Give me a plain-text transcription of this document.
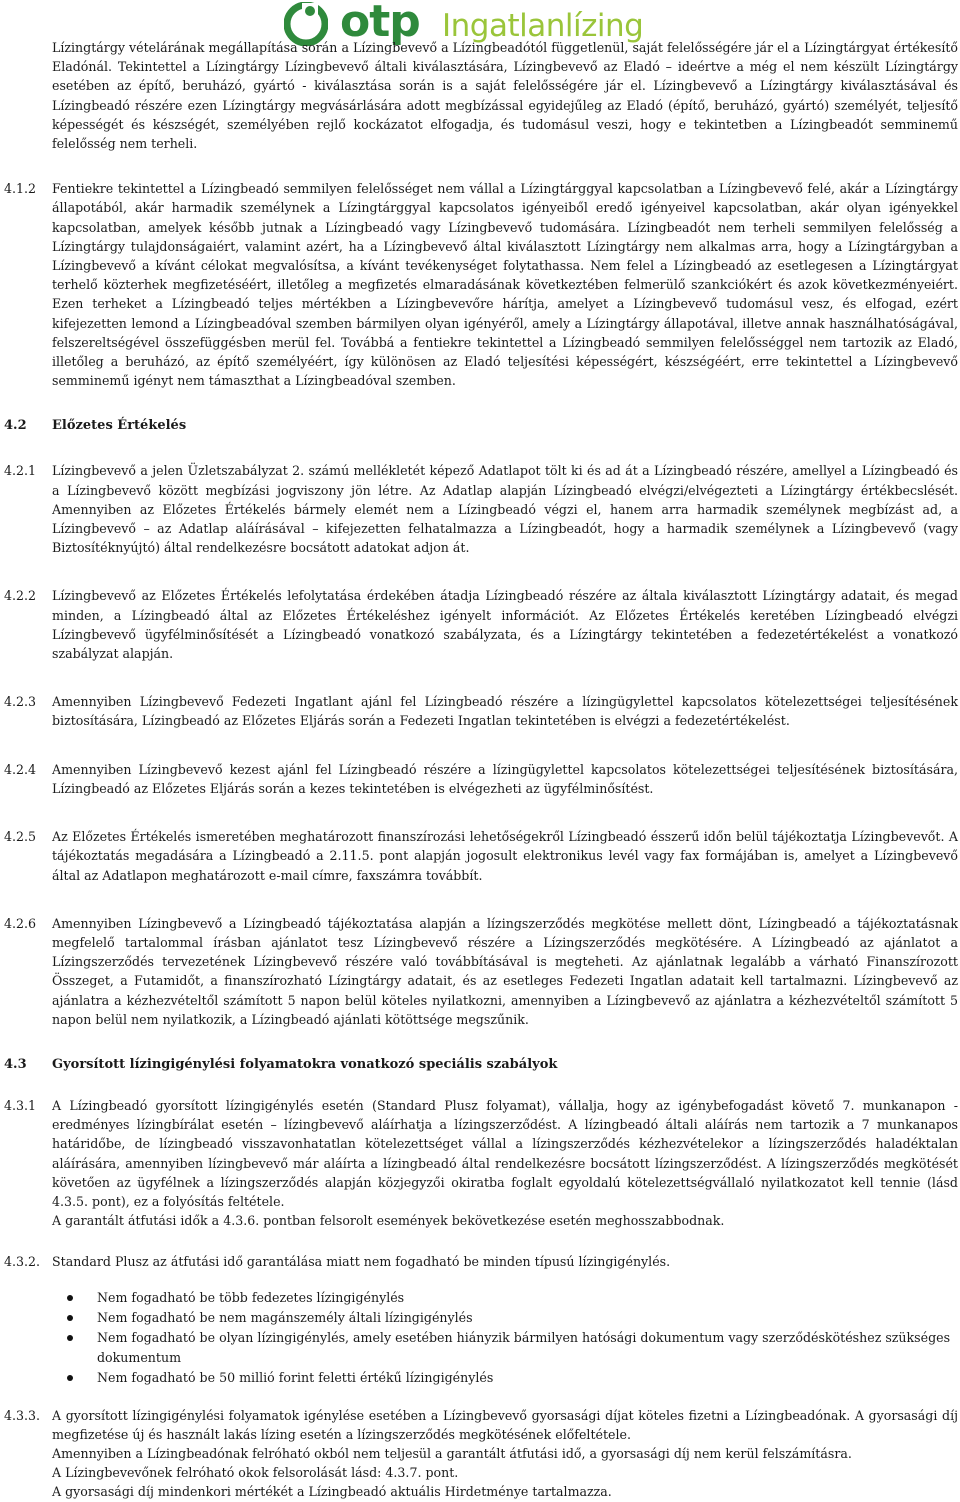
otp Ingatlanlízing

Lízingtárgy vételárának megállapítása során a Lízingbevevő a Lízingbeadótól függetlenül, saját felelősségére jár el a Lízingtárgyat értékesítő Eladónál. Tekintettel a Lízingtárgy Lízingbevevő általi kiválasztására, Lízingbevevő az Eladó – ideértve a még el nem készült Lízingtárgy esetében az építő, beruházó, gyártó - kiválasztása során is a saját felelősségére jár el. Lízingbevevő a Lízingtárgy kiválasztásával és Lízingbeadó részére ezen Lízingtárgy megvásárlására adott megbízással egyidejűleg az Eladó (építő, beruházó, gyártó) személyét, teljesítő képességét és készségét, személyében rejlő kockázatot elfogadja, és tudomásul veszi, hogy e tekintetben a Lízingbeadót semminemű felelősség nem terheli.

4.1.2 Fentiekre tekintettel a Lízingbeadó semmilyen felelősséget nem vállal a Lízingtárggyal kapcsolatban a Lízingbevevő felé, akár a Lízingtárgy állapotából, akár harmadik személynek a Lízingtárggyal kapcsolatos igényeiből eredő igényeivel kapcsolatban, akár olyan igényekkel kapcsolatban, amelyek később jutnak a Lízingbeadó vagy Lízingbevevő tudomására. Lízingbeadót nem terheli semmilyen felelősség a Lízingtárgy tulajdonságaiért, valamint azért, ha a Lízingbevevő által kiválasztott Lízingtárgy nem alkalmas arra, hogy a Lízingtárgyban a Lízingbevevő a kívánt célokat megvalósítsa, a kívánt tevékenységet folytathassa. Nem felel a Lízingbeadó az esetlegesen a Lízingtárgyat terhelő közterhek megfizetéséért, illetőleg a megfizetés elmaradásának következtében felmerülő szankciókért és azok következményeiért. Ezen terheket a Lízingbeadó teljes mértékben a Lízingbevevőre hárítja, amelyet a Lízingbevevő tudomásul vesz, és elfogad, ezért kifejezetten lemond a Lízingbeadóval szemben bármilyen olyan igényéről, amely a Lízingtárgy állapotával, illetve annak használhatóságával, felszereltségével összefüggésben merül fel. Továbbá a fentiekre tekintettel a Lízingbeadó semmilyen felelősséggel nem tartozik az Eladó, illetőleg a beruházó, az építő személyéért, így különösen az Eladó teljesítési képességért, készségéért, erre tekintettel a Lízingbevevő semminemű igényt nem támaszthat a Lízingbeadóval szemben.

4.2 Előzetes Értékelés

4.2.1 Lízingbevevő a jelen Üzletszabályzat 2. számú mellékletét képező Adatlapot tölt ki és ad át a Lízingbeadó részére, amellyel a Lízingbeadó és a Lízingbevevő között megbízási jogviszony jön létre. Az Adatlap alapján Lízingbeadó elvégzi/elvégezteti a Lízingtárgy értékbecslését. Amennyiben az Előzetes Értékelés bármely elemét nem a Lízingbeadó végzi el, hanem arra harmadik személynek megbízást ad, a Lízingbevevő – az Adatlap aláírásával – kifejezetten felhatalmazza a Lízingbeadót, hogy a harmadik személynek a Lízingbevevő (vagy Biztosítéknyújtó) által rendelkezésre bocsátott adatokat adjon át.

4.2.2 Lízingbevevő az Előzetes Értékelés lefolytatása érdekében átadja Lízingbeadó részére az általa kiválasztott Lízingtárgy adatait, és megad minden, a Lízingbeadó által az Előzetes Értékeléshez igényelt információt. Az Előzetes Értékelés keretében Lízingbeadó elvégzi Lízingbevevő ügyfélminősítését a Lízingbeadó vonatkozó szabályzata, és a Lízingtárgy tekintetében a fedezetértékelést a vonatkozó szabályzat alapján.

4.2.3 Amennyiben Lízingbevevő Fedezeti Ingatlant ajánl fel Lízingbeadó részére a lízingügylettel kapcsolatos kötelezettségei teljesítésének biztosítására, Lízingbeadó az Előzetes Eljárás során a Fedezeti Ingatlan tekintetében is elvégzi a fedezetértékelést.

4.2.4 Amennyiben Lízingbevevő kezest ajánl fel Lízingbeadó részére a lízingügylettel kapcsolatos kötelezettségei teljesítésének biztosítására, Lízingbeadó az Előzetes Eljárás során a kezes tekintetében is elvégezheti az ügyfélminősítést.

4.2.5 Az Előzetes Értékelés ismeretében meghatározott finanszírozási lehetőségekről Lízingbeadó ésszerű időn belül tájékoztatja Lízingbevevőt. A tájékoztatás megadására a Lízingbeadó a 2.11.5. pont alapján jogosult elektronikus levél vagy fax formájában is, amelyet a Lízingbevevő által az Adatlapon meghatározott e-mail címre, faxszámra továbbít.

4.2.6 Amennyiben Lízingbevevő a Lízingbeadó tájékoztatása alapján a lízingszerződés megkötése mellett dönt, Lízingbeadó a tájékoztatásnak megfelelő tartalommal írásban ajánlatot tesz Lízingbevevő részére a Lízingszerződés megkötésére. A Lízingbeadó az ajánlatot a Lízingszerződés tervezetének Lízingbevevő részére való továbbításával is megteheti. Az ajánlatnak legalább a várható Finanszírozott Összeget, a Futamidőt, a finanszírozható Lízingtárgy adatait, és az esetleges Fedezeti Ingatlan adatait kell tartalmazni. Lízingbevevő az ajánlatra a kézhezvételtől számított 5 napon belül köteles nyilatkozni, amennyiben a Lízingbevevő az ajánlatra a kézhezvételtől számított 5 napon belül nem nyilatkozik, a Lízingbeadó ajánlati kötöttsége megszűnik.

4.3 Gyorsított lízingigénylési folyamatokra vonatkozó speciális szabályok

4.3.1 A Lízingbeadó gyorsított lízingigénylés esetén (Standard Plusz folyamat), vállalja, hogy az igénybefogadást követő 7. munkanapon - eredményes lízingbírálat esetén – lízingbevevő aláírhatja a lízingszerződést. A lízingbeadó általi aláírás nem tartozik a 7 munkanapos határidőbe, de lízingbeadó visszavonhatatlan kötelezettséget vállal a lízingszerződés kézhezvételekor a lízingszerződés haladéktalan aláírására, amennyiben lízingbevevő már aláírta a lízingbeadó által rendelkezésre bocsátott lízingszerződést. A lízingszerződés megkötését követően az ügyfélnek a lízingszerződés alapján közjegyzői okiratba foglalt egyoldalú kötelezettségvállaló nyilatkozatot kell tennie (lásd 4.3.5. pont), ez a folyósítás feltétele.

A garantált átfutási idők a 4.3.6. pontban felsorolt események bekövetkezése esetén meghosszabbodnak.

4.3.2. Standard Plusz az átfutási idő garantálása miatt nem fogadható be minden típusú lízingigénylés.

Nem fogadható be több fedezetes lízingigénylés
Nem fogadható be nem magánszemély általi lízingigénylés
Nem fogadható be olyan lízingigénylés, amely esetében hiányzik bármilyen hatósági dokumentum vagy szerződéskötéshez szükséges dokumentum
Nem fogadható be 50 millió forint feletti értékű lízingigénylés
4.3.3. A gyorsított lízingigénylési folyamatok igénylése esetében a Lízingbevevő gyorsasági díjat köteles fizetni a Lízingbeadónak. A gyorsasági díj megfizetése új és használt lakás lízing esetén a lízingszerződés megkötésének előfeltétele.

Amennyiben a Lízingbeadónak felróható okból nem teljesül a garantált átfutási idő, a gyorsasági díj nem kerül felszámításra.

A Lízingbevevőnek felróható okok felsorolását lásd: 4.3.7. pont.

A gyorsasági díj mindenkori mértékét a Lízingbeadó aktuális Hirdetménye tartalmazza.
